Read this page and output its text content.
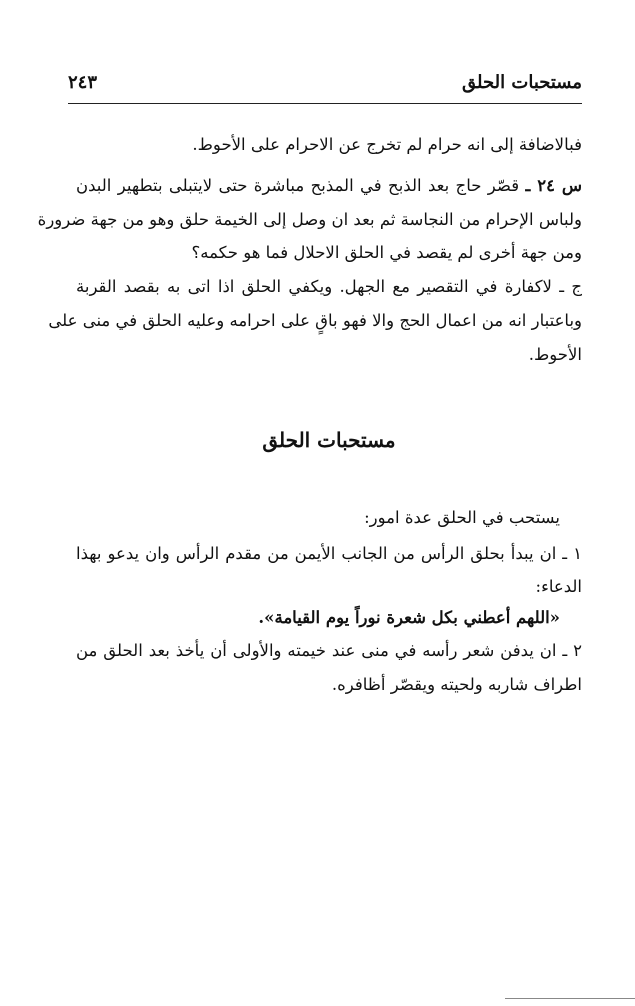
مستحبات الحلق
٢٤٣
فبالاضافة إلى انه حرام لم تخرج عن الاحرام على الأحوط.
س ٢٤ ـ قصّر حاج بعد الذبح في المذبح مباشرة حتى لايتبلى بتطهير البدن
ولباس الإحرام من النجاسة ثم بعد ان وصل إلى الخيمة حلق وهو من جهة ضرورة
ومن جهة أخرى لم يقصد في الحلق الاحلال فما هو حكمه؟
ج ـ لاكفارة في التقصير مع الجهل. ويكفي الحلق اذا اتى به بقصد القربة
وباعتبار انه من اعمال الحج والا فهو باقٍ على احرامه وعليه الحلق في منى على
الأحوط.
مستحبات الحلق
يستحب في الحلق عدة امور:
١ ـ ان يبدأ بحلق الرأس من الجانب الأيمن من مقدم الرأس وان يدعو بهذا
الدعاء:
«اللهم أعطني بكل شعرة نوراً يوم القيامة».
٢ ـ ان يدفن شعر رأسه في منى عند خيمته والأولى أن يأخذ بعد الحلق من
اطراف شاربه ولحيته ويقصّر أظافره.
